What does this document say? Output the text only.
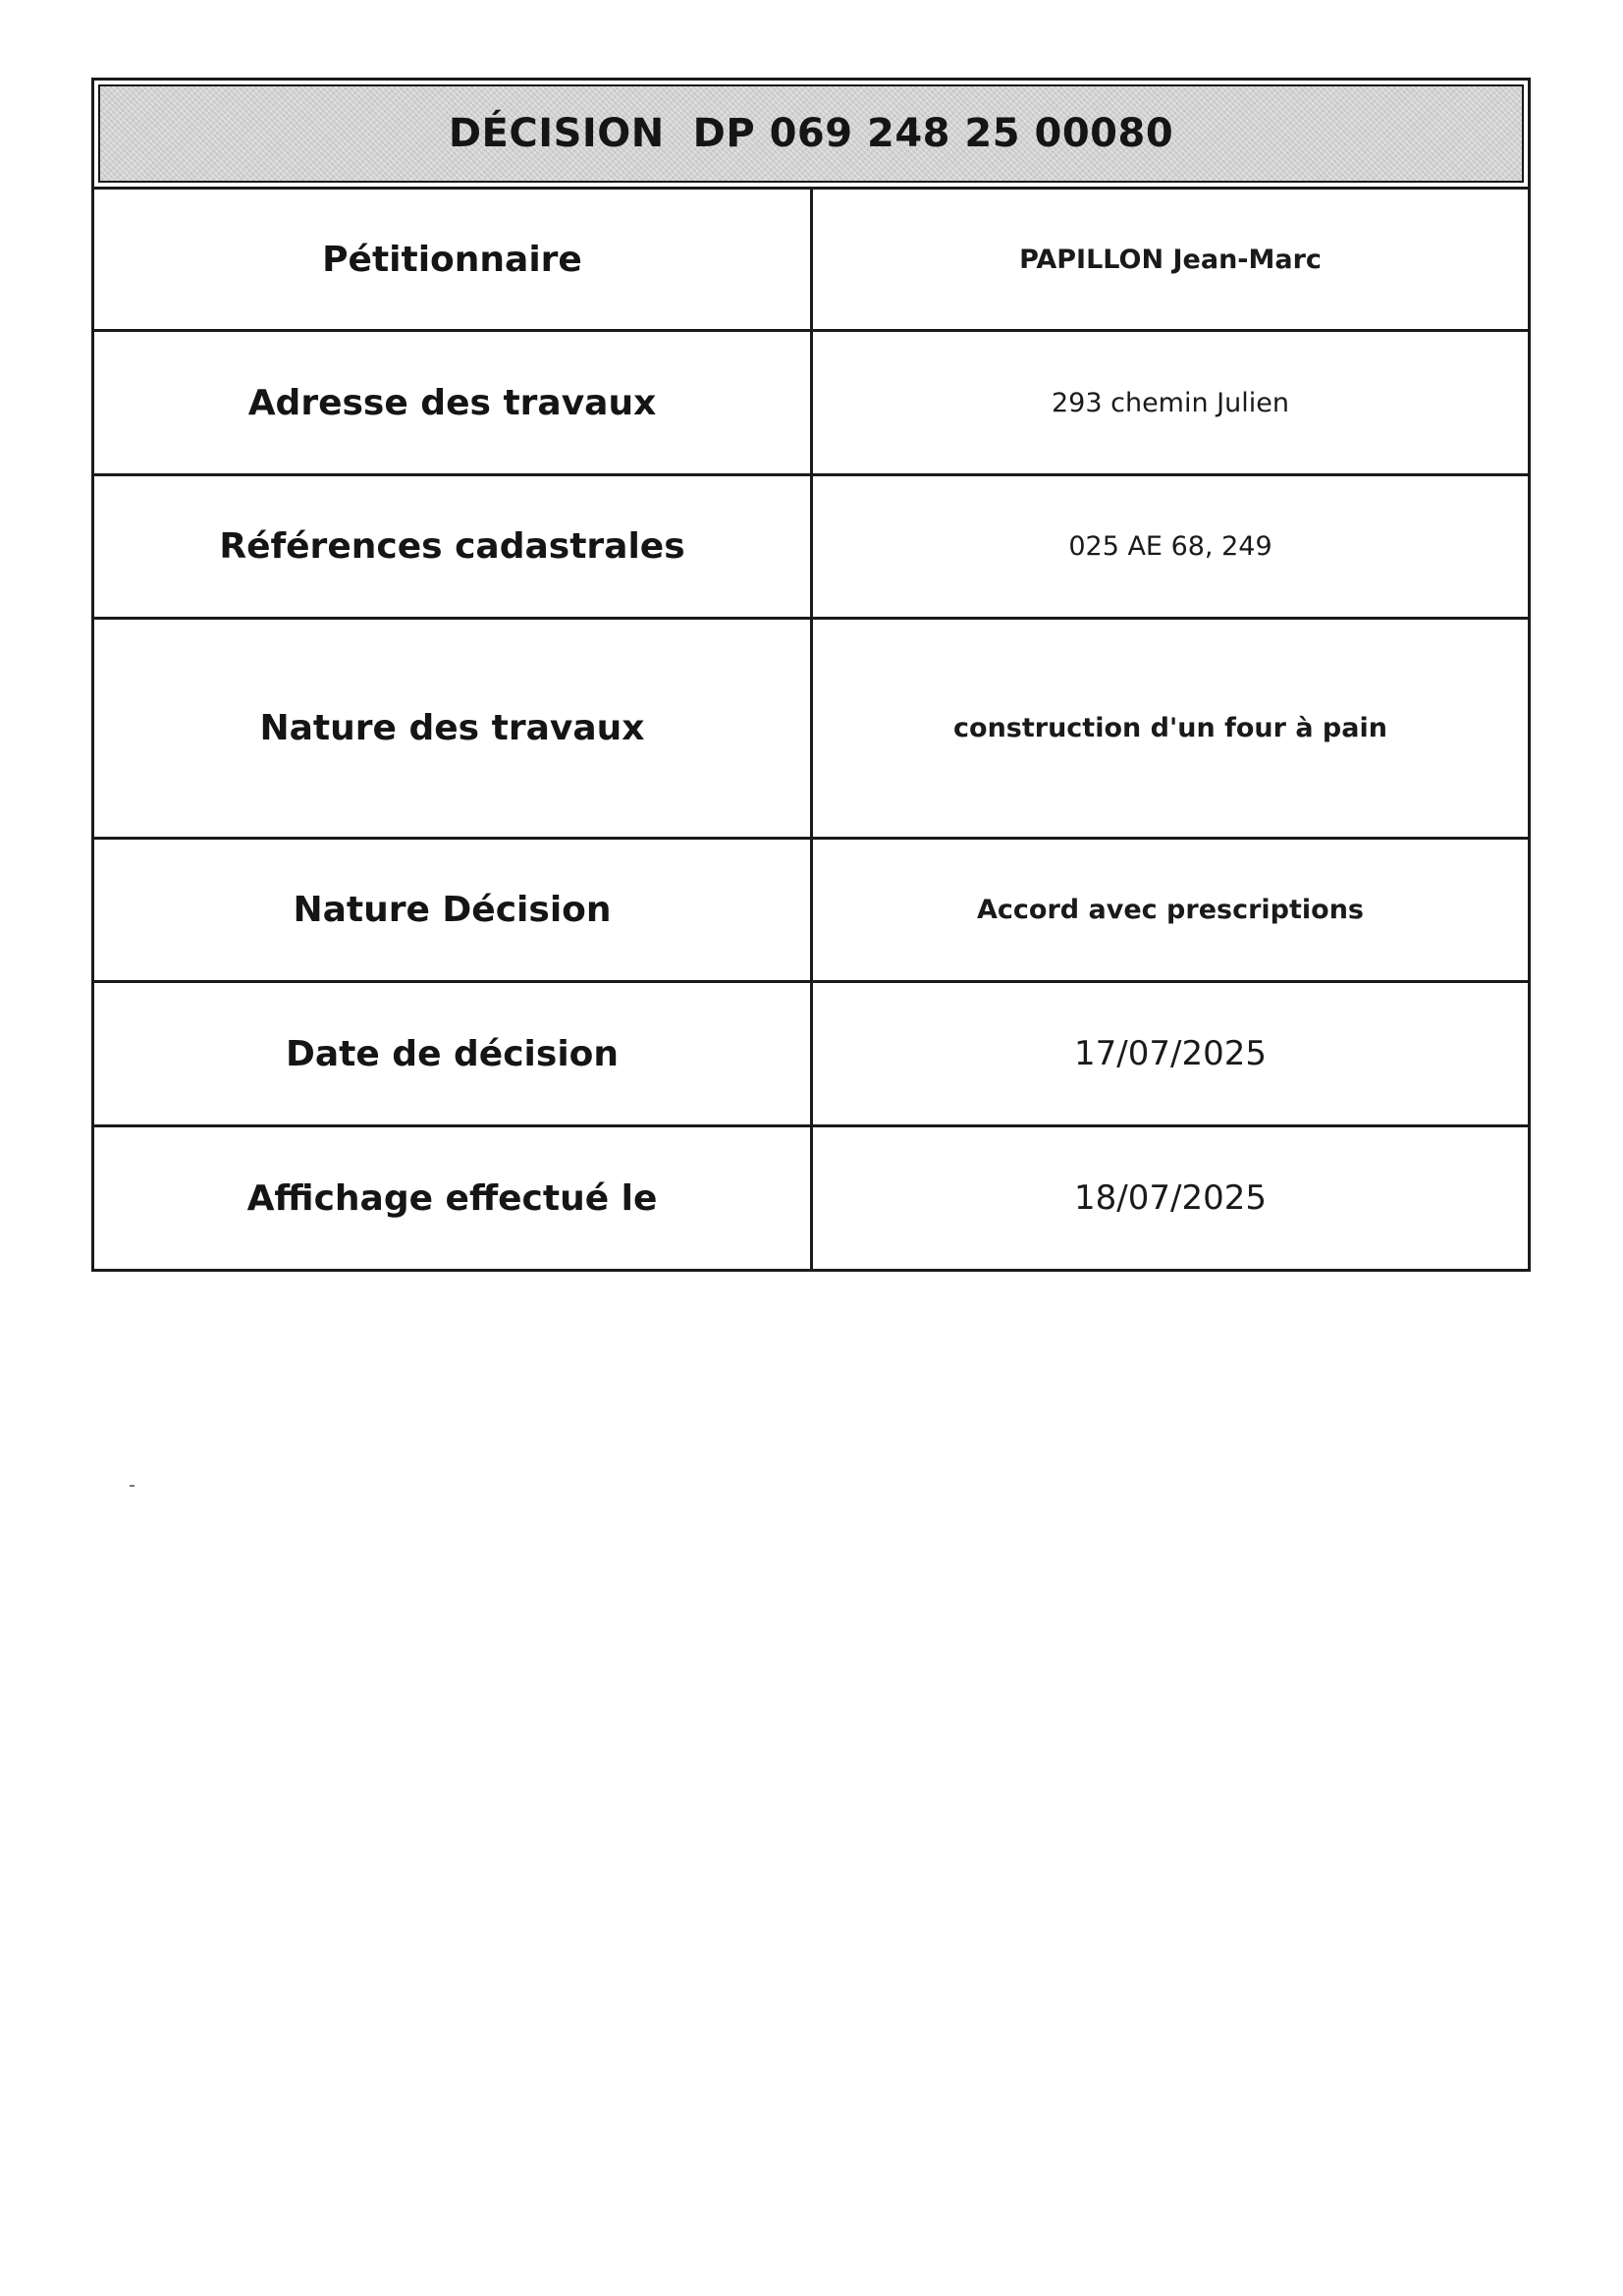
DÉCISION  DP 069 248 25 00080
Pétitionnaire	PAPILLON Jean-Marc
Adresse des travaux	293 chemin Julien
Références cadastrales	025 AE 68, 249
Nature des travaux	construction d'un four à pain
Nature Décision	Accord avec prescriptions
Date de décision	17/07/2025
Affichage effectué le	18/07/2025
